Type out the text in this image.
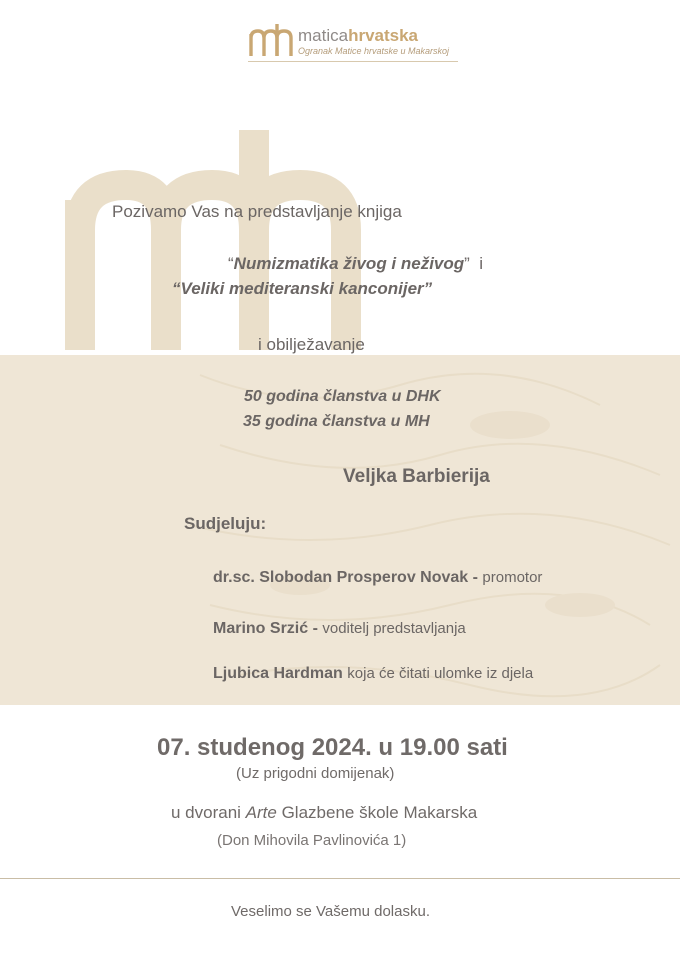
maticahrvatska
Ogranak Matice hrvatske u Makarskoj
Pozivamo Vas na predstavljanje knjiga
“Numizmatika živog i neživog” i
“Veliki mediteranski kanconijer”
i obilježavanje
50 godina članstva u DHK
35 godina članstva u MH
Veljka Barbierija
Sudjeluju:
dr.sc. Slobodan Prosperov Novak - promotor
Marino Srzić - voditelj predstavljanja
Ljubica Hardman koja će čitati ulomke iz djela
07. studenog 2024. u 19.00 sati
(Uz prigodni domijenak)
u dvorani Arte Glazbene škole Makarska
(Don Mihovila Pavlinovića 1)
Veselimo se Vašemu dolasku.
